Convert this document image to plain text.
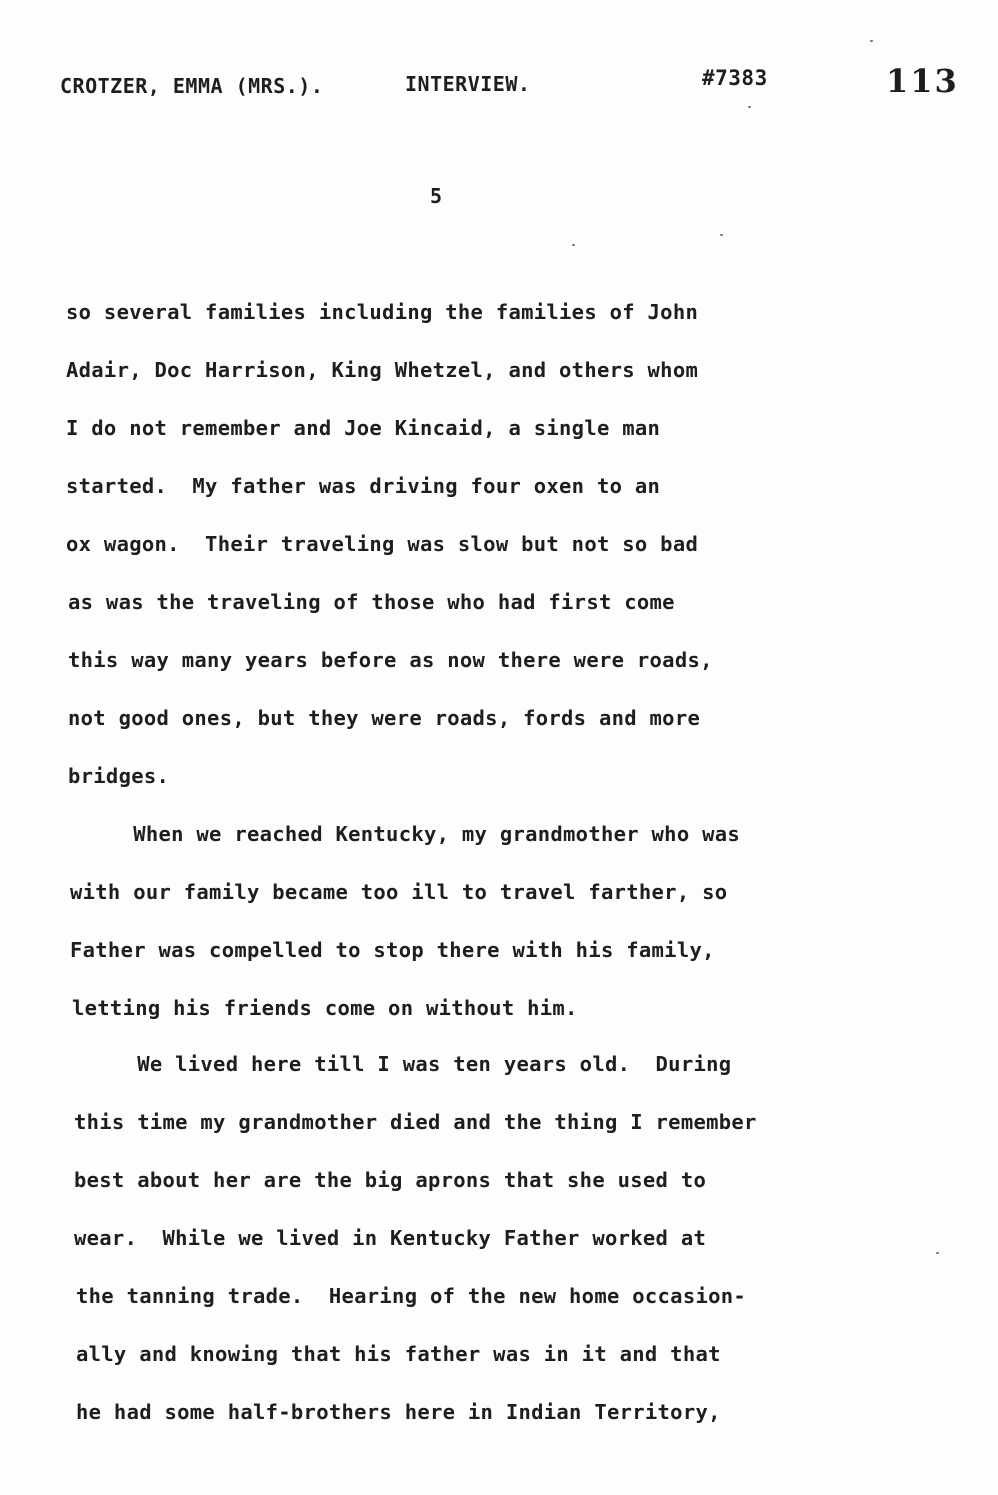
CROTZER, EMMA (MRS.).	INTERVIEW.	#7383	113
5
so several families including the families of John
Adair, Doc Harrison, King Whetzel, and others whom
I do not remember and Joe Kincaid, a single man
started.  My father was driving four oxen to an
ox wagon.  Their traveling was slow but not so bad
as was the traveling of those who had first come
this way many years before as now there were roads,
not good ones, but they were roads, fords and more
bridges.
When we reached Kentucky, my grandmother who was
with our family became too ill to travel farther, so
Father was compelled to stop there with his family,
letting his friends come on without him.
We lived here till I was ten years old.  During
this time my grandmother died and the thing I remember
best about her are the big aprons that she used to
wear.  While we lived in Kentucky Father worked at
the tanning trade.  Hearing of the new home occasion-
ally and knowing that his father was in it and that
he had some half-brothers here in Indian Territory,
